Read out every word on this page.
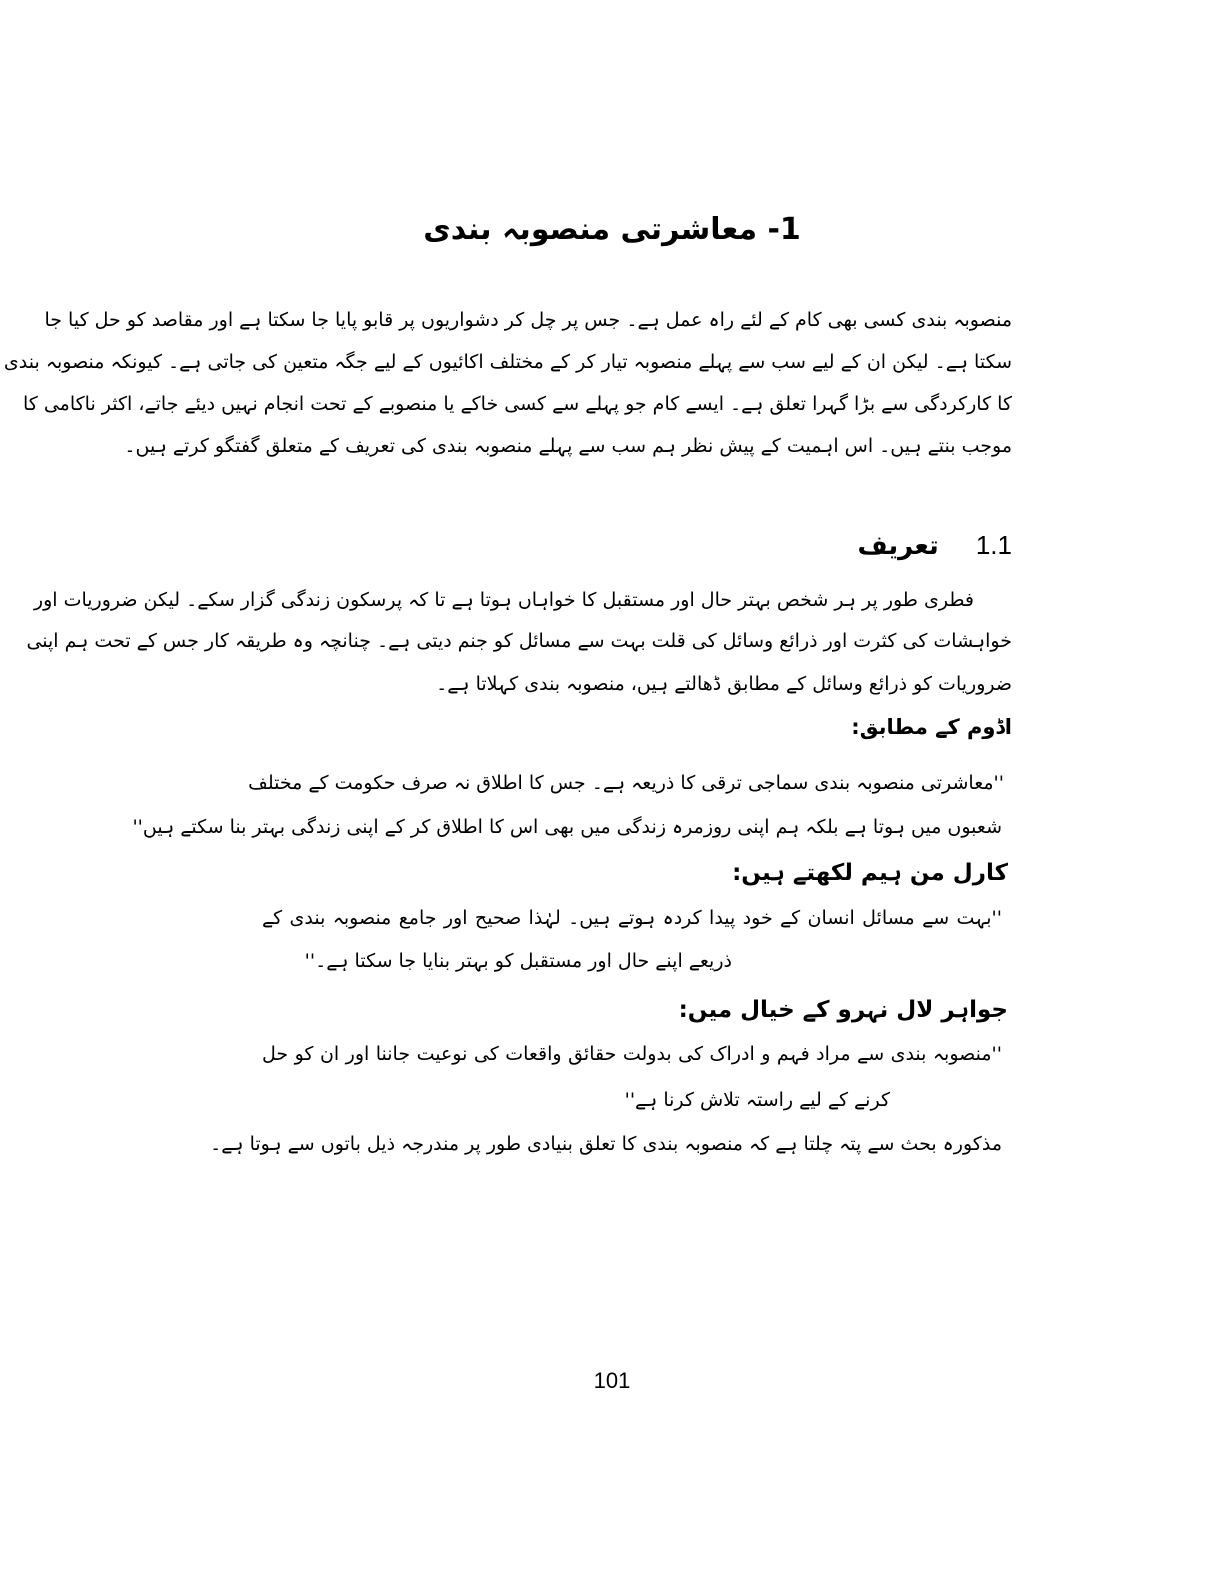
1- معاشرتی منصوبہ بندی
منصوبہ بندی کسی بھی کام کے لئے راہ عمل ہے۔ جس پر چل کر دشواریوں پر قابو پایا جا سکتا ہے اور مقاصد کو حل کیا جا
سکتا ہے۔ لیکن ان کے لیے سب سے پہلے منصوبہ تیار کر کے مختلف اکائیوں کے لیے جگہ متعین کی جاتی ہے۔ کیونکہ منصوبہ بندی
کا کارکردگی سے بڑا گہرا تعلق ہے۔ ایسے کام جو پہلے سے کسی خاکے یا منصوبے کے تحت انجام نہیں دیئے جاتے، اکثر ناکامی کا
موجب بنتے ہیں۔ اس اہمیت کے پیش نظر ہم سب سے پہلے منصوبہ بندی کی تعریف کے متعلق گفتگو کرتے ہیں۔
1.1 تعریف
فطری طور پر ہر شخص بہتر حال اور مستقبل کا خواہاں ہوتا ہے تا کہ پرسکون زندگی گزار سکے۔ لیکن ضروریات اور
خواہشات کی کثرت اور ذرائع وسائل کی قلت بہت سے مسائل کو جنم دیتی ہے۔ چنانچہ وہ طریقہ کار جس کے تحت ہم اپنی
ضروریات کو ذرائع وسائل کے مطابق ڈھالتے ہیں، منصوبہ بندی کہلاتا ہے۔
اڈوم کے مطابق:
''معاشرتی منصوبہ بندی سماجی ترقی کا ذریعہ ہے۔ جس کا اطلاق نہ صرف حکومت کے مختلف
شعبوں میں ہوتا ہے بلکہ ہم اپنی روزمرہ زندگی میں بھی اس کا اطلاق کر کے اپنی زندگی بہتر بنا سکتے ہیں''
کارل من ہیم لکھتے ہیں:
''بہت سے مسائل انسان کے خود پیدا کردہ ہوتے ہیں۔ لہٰذا صحیح اور جامع منصوبہ بندی کے
ذریعے اپنے حال اور مستقبل کو بہتر بنایا جا سکتا ہے۔''
جواہر لال نہرو کے خیال میں:
''منصوبہ بندی سے مراد فہم و ادراک کی بدولت حقائق واقعات کی نوعیت جاننا اور ان کو حل
کرنے کے لیے راستہ تلاش کرنا ہے''
مذکورہ بحث سے پتہ چلتا ہے کہ منصوبہ بندی کا تعلق بنیادی طور پر مندرجہ ذیل باتوں سے ہوتا ہے۔
101
